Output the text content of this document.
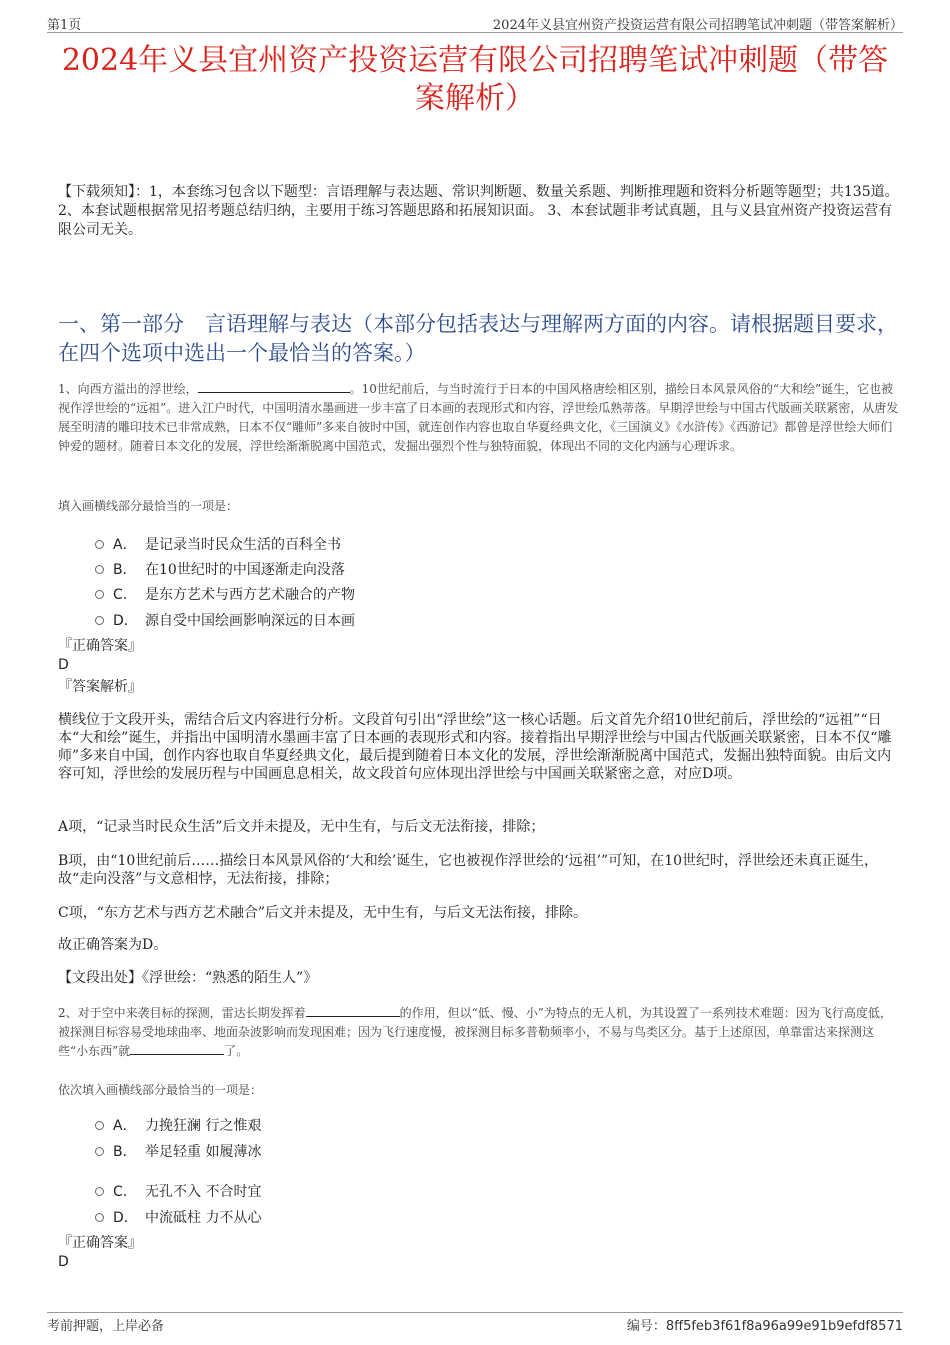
第1页	2024年义县宜州资产投资运营有限公司招聘笔试冲刺题（带答案解析）
2024年义县宜州资产投资运营有限公司招聘笔试冲刺题（带答案解析）
【下载须知】：1，本套练习包含以下题型：言语理解与表达题、常识判断题、数量关系题、判断推理题和资料分析题等题型；共135道。 2、本套试题根据常见招考题总结归纳，主要用于练习答题思路和拓展知识面。 3、本套试题非考试真题，且与义县宜州资产投资运营有限公司无关。
一、第一部分　言语理解与表达（本部分包括表达与理解两方面的内容。请根据题目要求，在四个选项中选出一个最恰当的答案。）
1、向西方溢出的浮世绘，	。10世纪前后，与当时流行于日本的中国风格唐绘相区别，描绘日本风景风俗的“大和绘”诞生，它也被视作浮世绘的“远祖”。进入江户时代，中国明清水墨画进一步丰富了日本画的表现形式和内容，浮世绘瓜熟蒂落。早期浮世绘与中国古代版画关联紧密，从唐发展至明清的雕印技术已非常成熟，日本不仅“雕师”多来自彼时中国，就连创作内容也取自华夏经典文化，《三国演义》《水浒传》《西游记》都曾是浮世绘大师们钟爱的题材。随着日本文化的发展，浮世绘渐渐脱离中国范式，发掘出强烈个性与独特面貌，体现出不同的文化内涵与心理诉求。
填入画横线部分最恰当的一项是：
A． 是记录当时民众生活的百科全书
B． 在10世纪时的中国逐渐走向没落
C． 是东方艺术与西方艺术融合的产物
D． 源自受中国绘画影响深远的日本画
『正确答案』
D
『答案解析』
横线位于文段开头，需结合后文内容进行分析。文段首句引出“浮世绘”这一核心话题。后文首先介绍10世纪前后，浮世绘的“远祖”“日本“大和绘”诞生，并指出中国明清水墨画丰富了日本画的表现形式和内容。接着指出早期浮世绘与中国古代版画关联紧密，日本不仅“雕师”多来自中国，创作内容也取自华夏经典文化，最后提到随着日本文化的发展，浮世绘渐渐脱离中国范式，发掘出独特面貌。由后文内容可知，浮世绘的发展历程与中国画息息相关，故文段首句应体现出浮世绘与中国画关联紧密之意，对应D项。
A项，“记录当时民众生活”后文并未提及，无中生有，与后文无法衔接，排除；
B项，由“10世纪前后……描绘日本风景风俗的‘大和绘’诞生，它也被视作浮世绘的‘远祖’”可知，在10世纪时，浮世绘还未真正诞生，故“走向没落”与文意相悖，无法衔接，排除；
C项，“东方艺术与西方艺术融合”后文并未提及，无中生有，与后文无法衔接，排除。
故正确答案为D。
【文段出处】《浮世绘：“熟悉的陌生人”》
2、对于空中来袭目标的探测，雷达长期发挥着	的作用，但以“低、慢、小”为特点的无人机，为其设置了一系列技术难题：因为飞行高度低，被探测目标容易受地球曲率、地面杂波影响而发现困难；因为飞行速度慢，被探测目标多普勒频率小，不易与鸟类区分。基于上述原因，单靠雷达来探测这些“小东西”就	了。
依次填入画横线部分最恰当的一项是：
A． 力挽狂澜 行之惟艰
B． 举足轻重 如履薄冰
C． 无孔不入 不合时宜
D． 中流砥柱 力不从心
『正确答案』
D
考前押题，上岸必备	编号：8ff5feb3f61f8a96a99e91b9efdf8571
